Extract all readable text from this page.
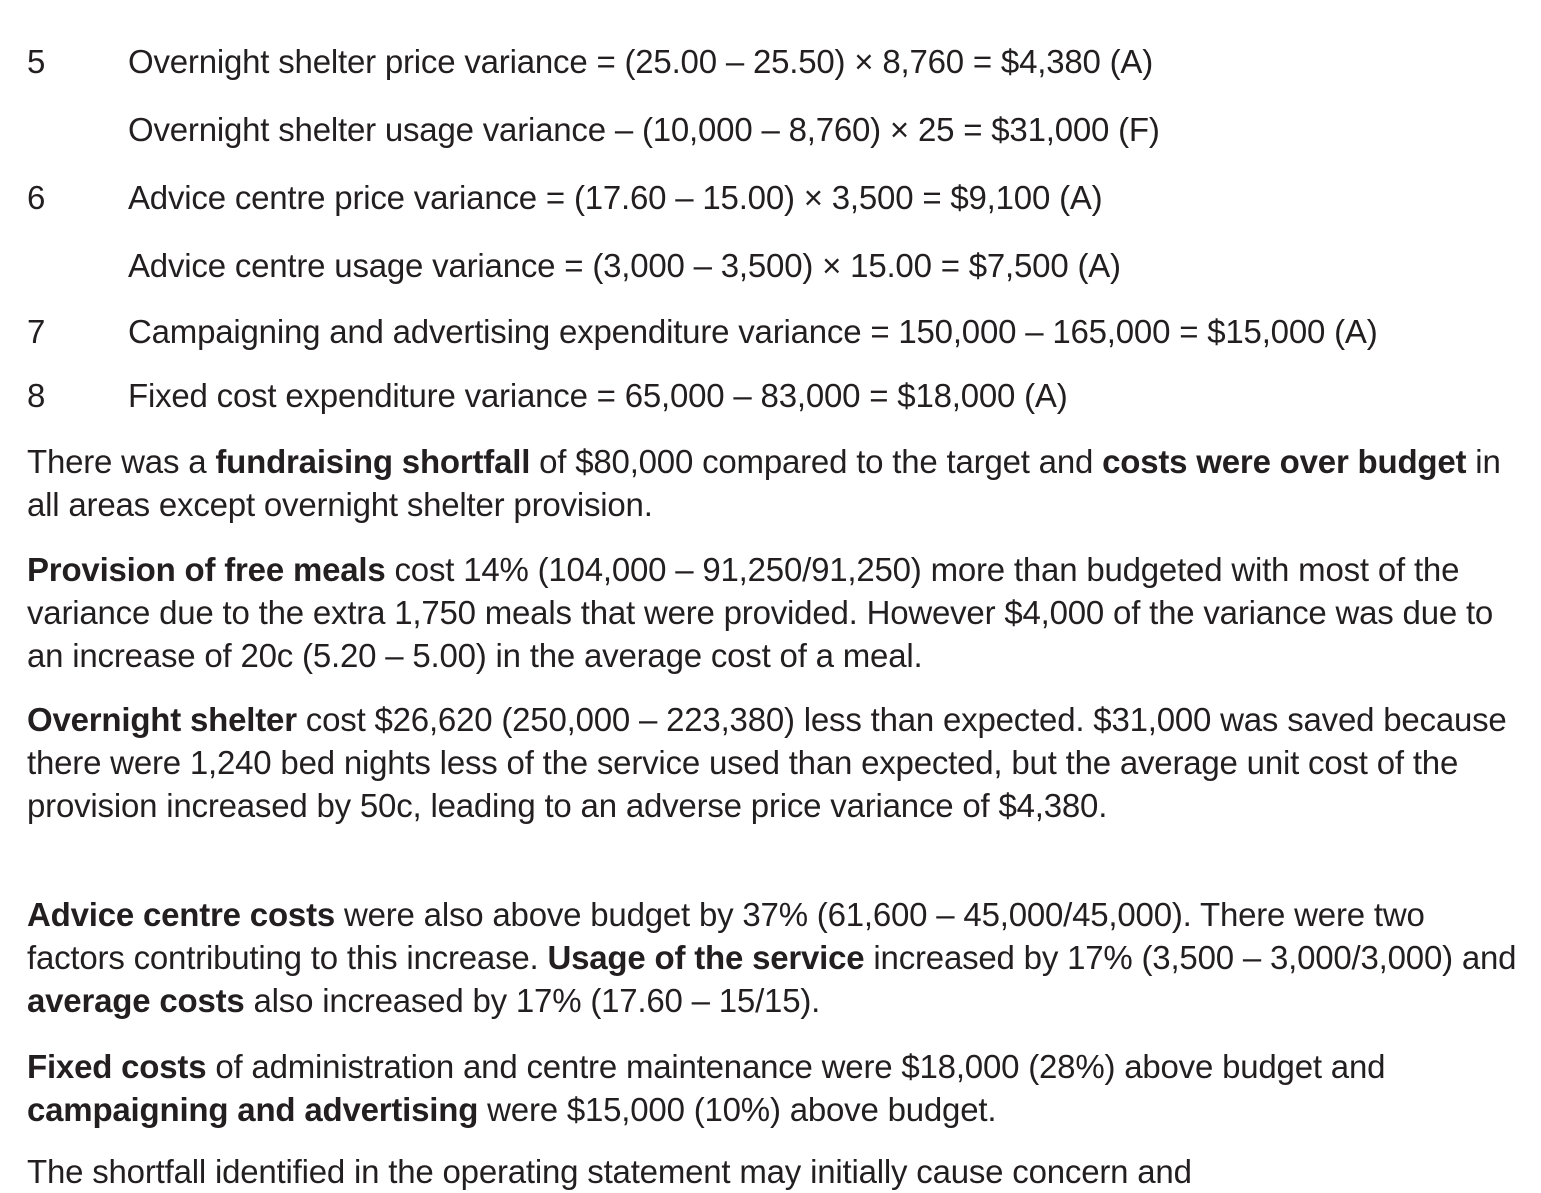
5	Overnight shelter price variance = (25.00 – 25.50) × 8,760 = $4,380 (A)
Overnight shelter usage variance – (10,000 – 8,760) × 25 = $31,000 (F)
6	Advice centre price variance = (17.60 – 15.00) × 3,500 = $9,100 (A)
Advice centre usage variance = (3,000 – 3,500) × 15.00 = $7,500 (A)
7	Campaigning and advertising expenditure variance = 150,000 – 165,000 = $15,000 (A)
8	Fixed cost expenditure variance = 65,000 – 83,000 = $18,000 (A)

There was a fundraising shortfall of $80,000 compared to the target and costs were over budget in all areas except overnight shelter provision.

Provision of free meals cost 14% (104,000 – 91,250/91,250) more than budgeted with most of the variance due to the extra 1,750 meals that were provided. However $4,000 of the variance was due to an increase of 20c (5.20 – 5.00) in the average cost of a meal.

Overnight shelter cost $26,620 (250,000 – 223,380) less than expected. $31,000 was saved because there were 1,240 bed nights less of the service used than expected, but the average unit cost of the provision increased by 50c, leading to an adverse price variance of $4,380.

Advice centre costs were also above budget by 37% (61,600 – 45,000/45,000). There were two factors contributing to this increase. Usage of the service increased by 17% (3,500 – 3,000/3,000) and average costs also increased by 17% (17.60 – 15/15).

Fixed costs of administration and centre maintenance were $18,000 (28%) above budget and campaigning and advertising were $15,000 (10%) above budget.

The shortfall identified in the operating statement may initially cause concern and
